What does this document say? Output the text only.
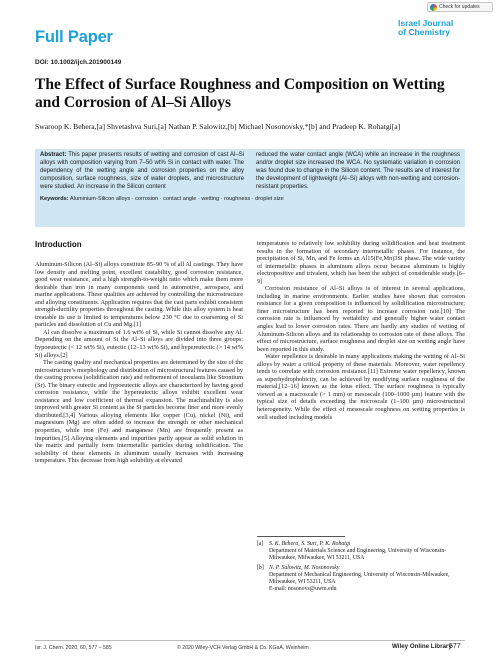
Check for updates
Full Paper
Israel Journal
of Chemistry
DOI: 10.1002/ijch.201900149
The Effect of Surface Roughness and Composition on Wetting and Corrosion of Al–Si Alloys
Swaroop K. Behera,[a] Shvetashva Suri,[a] Nathan P. Salowitz,[b] Michael Nosonovsky,*[b] and Pradeep K. Rohatgi[a]
Abstract: This paper presents results of wetting and corrosion of cast Al–Si alloys with composition varying from 7–50 wt% Si in contact with water. The dependency of the wetting angle and corrosion properties on the alloy composition, surface roughness, size of water droplets, and microstructure were studied. An increase in the Silicon content
reduced the water contact angle (WCA) while an increase in the roughness and/or droplet size increased the WCA. No systematic variation in corrosion was found due to change in the Silicon content. The results are of interest for the development of lightweight (Al–Si) alloys with non-wetting and corrosion-resistant properties.
Keywords: Aluminium-Silicon alloys · corrosion · contact angle · wetting · roughness · droplet size
Introduction

Aluminum-Silicon (Al–Si) alloys constitute 85–90 % of all Al castings. They have low density and melting point, excellent castability, good corrosion resistance, good wear resistance, and a high strength-to-weight ratio which make them more desirable than iron in many components used in automotive, aerospace, and marine applications. These qualities are achieved by controlling the microstructure and alloying constituents. Application requires that the cast parts exhibit consistent strength-ductility properties throughout the casting. While this alloy system is heat treatable its use is limited to temperatures below 230 °C due to coarsening of Si particles and dissolution of Cu and Mg.[1]

Al can dissolve a maximum of 1.6 wt% of Si, while Si cannot dissolve any Al. Depending on the amount of Si the Al–Si alloys are divided into three groups: hypoeutectic (< 12 wt% Si), eutectic (12–13 wt% Si), and hypereutectic (> 14 wt% Si) alloys.[2]

The casting quality and mechanical properties are determined by the size of the microstructure’s morphology and distribution of microstructural features caused by the casting process (solidification rate) and refinement of inoculants like Strontium (Sr). The binary eutectic and hypoeutectic alloys are characterized by having good corrosion resistance, while the hypereutectic alloys exhibit excellent wear resistance and low coefficient of thermal expansion. The machinability is also improved with greater Si content as the Si particles become finer and more evenly distributed.[3,4] Various alloying elements like copper (Cu), nickel (Ni), and magnesium (Mg) are often added to increase the strength or other mechanical properties, while iron (Fe) and manganese (Mn) are frequently present as impurities.[5] Alloying elements and impurities partly appear as solid solution in the matrix and partially form intermetallic particles during solidification. The solubility of these elements in aluminum usually increases with increasing temperature. This decrease from high solubility at elevated

temperatures to relatively low solubility during solidification and heat treatment results in the formation of secondary intermetallic phases. For instance, the precipitation of Si, Mn, and Fe forms an Al15(Fe,Mn)3Si phase. The wide variety of intermetallic phases in aluminum alloys occur because aluminum is highly electropositive and trivalent, which has been the subject of considerable study.[6–9]

Corrosion resistance of Al–Si alloys is of interest in several applications, including in marine environments. Earlier studies have shown that corrosion resistance for a given composition is influenced by solidification microstructure; finer microstructure has been reported to increase corrosion rate.[10] The corrosion rate is influenced by wettability and generally higher water contact angles lead to lower corrosion rates. There are hardly any studies of wetting of Aluminum-Silicon alloys and its relationship to corrosion rate of these alloys. The effect of microstructure, surface roughness and droplet size on wetting angle have been reported in this study.

Water repellence is desirable in many applications making the wetting of Al–Si alloys by water a critical property of these materials. Moreover, water repellency tends to correlate with corrosion resistance.[11] Extreme water repellency, known as superhydrophobicity, can be achieved by modifying surface roughness of the material,[12–16] known as the lotus effect. The surface roughness is typically viewed as a macroscale (> 1 mm) or mesoscale (100–1000 µm) feature with the typical size of details exceeding the microscale (1–100 µm) microstructural heterogeneity. While the effect of mesoscale roughness on wetting properties is well studied including models

[a] S. K. Behera, S. Suri, P. K. Rohatgi
Department of Materials Science and Engineering, University of Wisconsin-Milwaukee, Milwaukee, WI 53211, USA
[b] N. P. Salowitz, M. Nosonovsky
Department of Mechanical Engineering, University of Wisconsin-Milwaukee, Milwaukee, WI 53211, USA
E-mail: nosonovs@uwm.edu
Isr. J. Chem. 2020, 60, 577 – 585	© 2020 Wiley-VCH Verlag GmbH & Co. KGaA, Weinheim	Wiley Online Library
577
